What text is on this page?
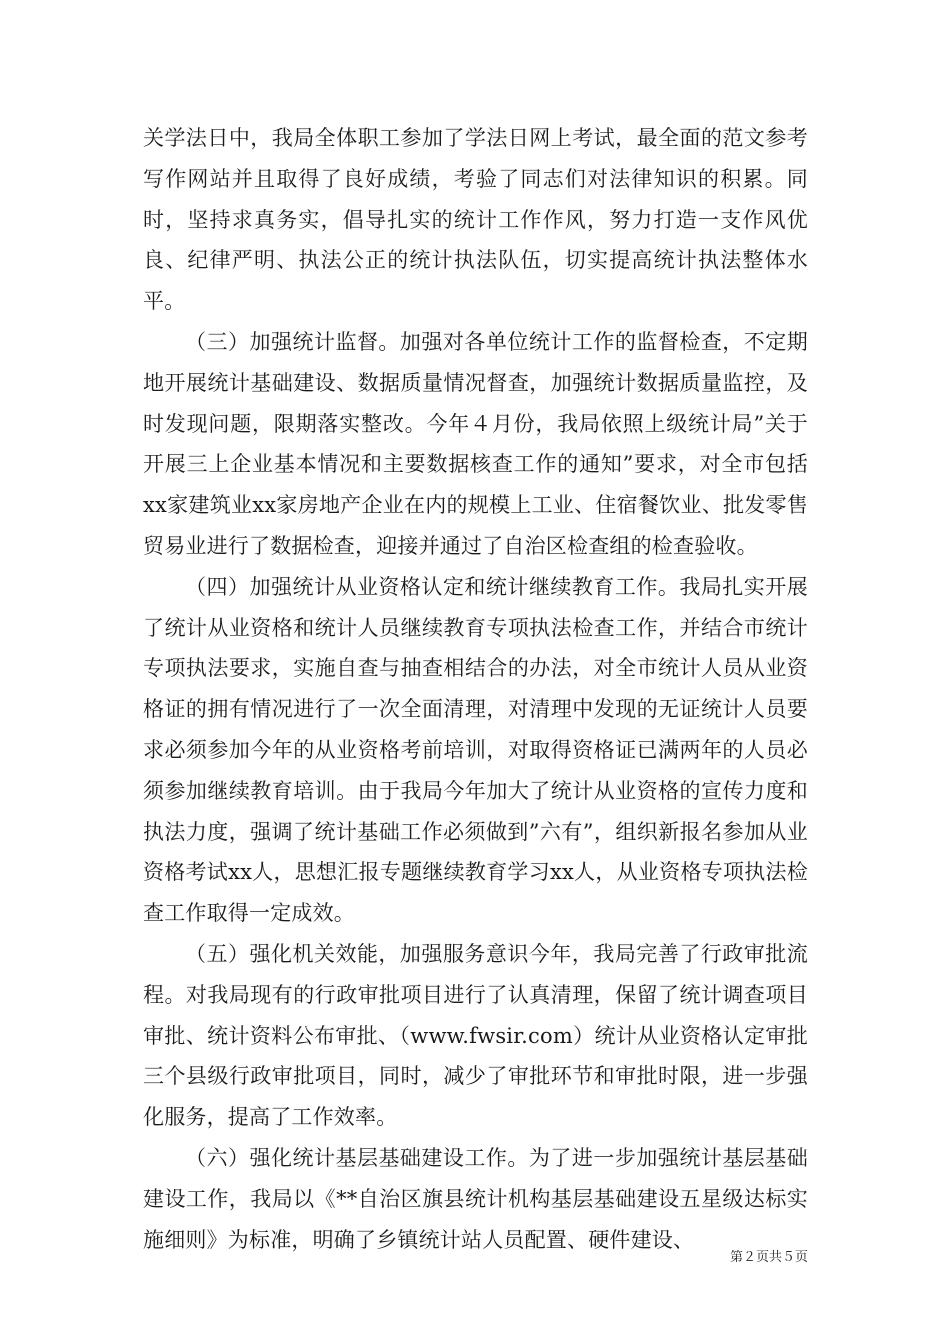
关学法日中，我局全体职工参加了学法日网上考试，最全面的范文参考写作网站并且取得了良好成绩，考验了同志们对法律知识的积累。同时，坚持求真务实，倡导扎实的统计工作作风，努力打造一支作风优良、纪律严明、执法公正的统计执法队伍，切实提高统计执法整体水平。

（三）加强统计监督。加强对各单位统计工作的监督检查，不定期地开展统计基础建设、数据质量情况督查，加强统计数据质量监控，及时发现问题，限期落实整改。今年４月份，我局依照上级统计局”关于开展三上企业基本情况和主要数据核查工作的通知”要求，对全市包括xx家建筑业xx家房地产企业在内的规模上工业、住宿餐饮业、批发零售贸易业进行了数据检查，迎接并通过了自治区检查组的检查验收。

（四）加强统计从业资格认定和统计继续教育工作。我局扎实开展了统计从业资格和统计人员继续教育专项执法检查工作，并结合市统计专项执法要求，实施自查与抽查相结合的办法，对全市统计人员从业资格证的拥有情况进行了一次全面清理，对清理中发现的无证统计人员要求必须参加今年的从业资格考前培训，对取得资格证已满两年的人员必须参加继续教育培训。由于我局今年加大了统计从业资格的宣传力度和执法力度，强调了统计基础工作必须做到”六有”，组织新报名参加从业资格考试xx人，思想汇报专题继续教育学习xx人，从业资格专项执法检查工作取得一定成效。

（五）强化机关效能，加强服务意识今年，我局完善了行政审批流程。对我局现有的行政审批项目进行了认真清理，保留了统计调查项目审批、统计资料公布审批、（www.fwsir.com）统计从业资格认定审批三个县级行政审批项目，同时，减少了审批环节和审批时限，进一步强化服务，提高了工作效率。

（六）强化统计基层基础建设工作。为了进一步加强统计基层基础建设工作，我局以《**自治区旗县统计机构基层基础建设五星级达标实施细则》为标准，明确了乡镇统计站人员配置、硬件建设、

第２页共５页
